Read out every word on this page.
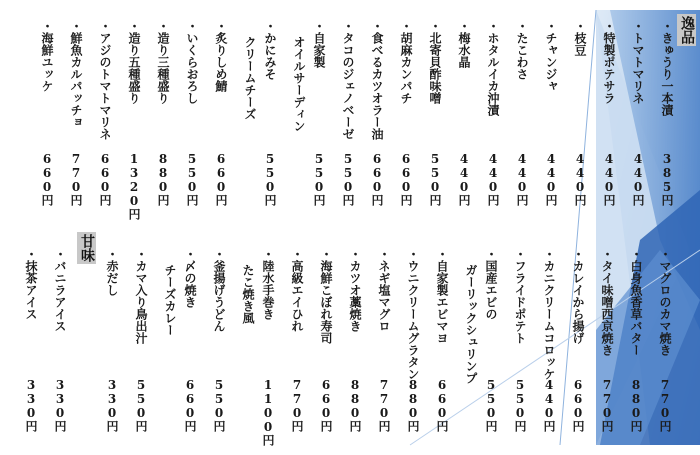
逸品
・きゅうり一本漬
385円
・トマトマリネ
440円
・特製ポテサラ
440円
・枝豆
440円
・チャンジャ
440円
・たこわさ
440円
・ホタルイカ沖漬
440円
・梅水晶
440円
・北寄貝酢味噌
550円
・胡麻カンパチ
660円
・食べるカツオラー油
660円
・タコのジェノベーゼ
550円
・自家製
550円
オイルサーディン
・かにみそ
550円
クリームチーズ
・炙りしめ鯖
660円
・いくらおろし
550円
・造り三種盛り
880円
・造り五種盛り
1320円
・アジのトマトマリネ
660円
・鮮魚カルパッチョ
770円
・海鮮ユッケ
660円
・マグロのカマ焼き
770円
・白身魚香草バター
880円
・タイ味噌西京焼き
770円
・カレイから揚げ
660円
・カニクリームコロッケ
440円
・フライドポテト
550円
・国産エビの
550円
ガーリックシュリンプ
・自家製エビマヨ
660円
・ウニクリームグラタン
880円
・ネギ塩マグロ
770円
・カツオ藁焼き
880円
・海鮮こぼれ寿司
660円
・高級エイひれ
770円
・陸水手巻き
1100円
たこ焼き風
・釜揚げうどん
550円
・〆の焼き
660円
チーズカレー
・カマ入り鳥出汁
550円
・赤だし
330円
甘味
・バニラアイス
330円
・抹茶アイス
330円
